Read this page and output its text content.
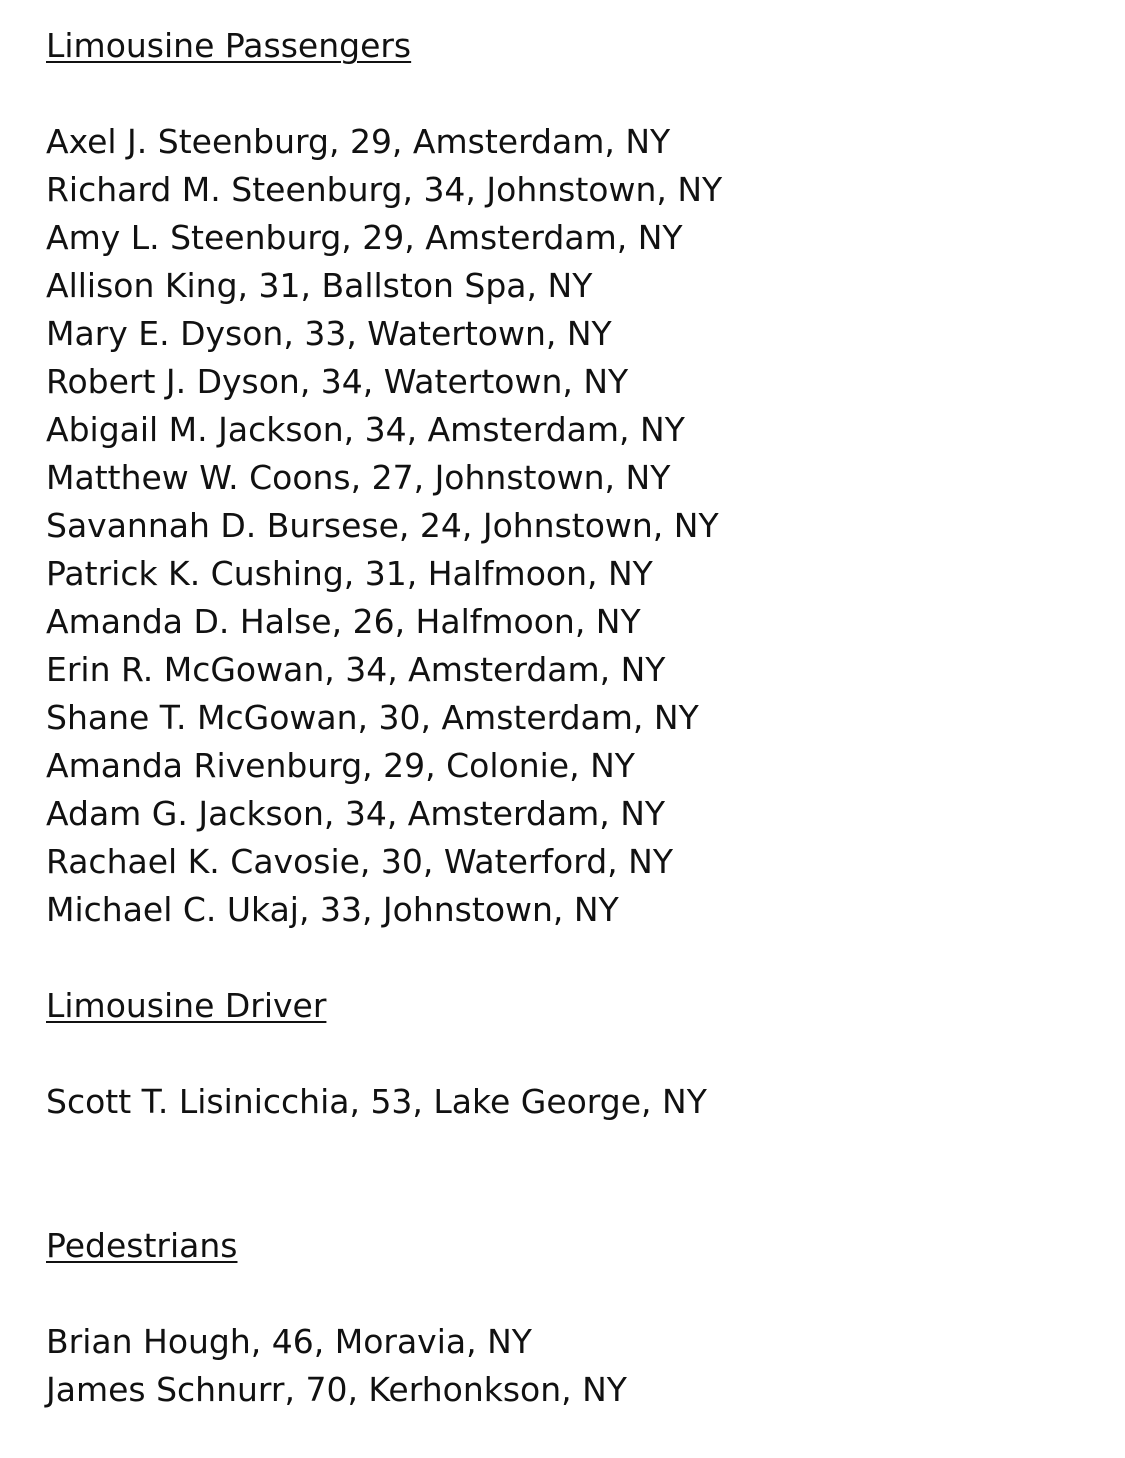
Limousine Passengers
Axel J. Steenburg, 29, Amsterdam, NY
Richard M. Steenburg, 34, Johnstown, NY
Amy L. Steenburg, 29, Amsterdam, NY
Allison King, 31, Ballston Spa, NY
Mary E. Dyson, 33, Watertown, NY
Robert J. Dyson, 34, Watertown, NY
Abigail M. Jackson, 34, Amsterdam, NY
Matthew W. Coons, 27, Johnstown, NY
Savannah D. Bursese, 24, Johnstown, NY
Patrick K. Cushing, 31, Halfmoon, NY
Amanda D. Halse, 26, Halfmoon, NY
Erin R. McGowan, 34, Amsterdam, NY
Shane T. McGowan, 30, Amsterdam, NY
Amanda Rivenburg, 29, Colonie, NY
Adam G. Jackson, 34, Amsterdam, NY
Rachael K. Cavosie, 30, Waterford, NY
Michael C. Ukaj, 33, Johnstown, NY
Limousine Driver
Scott T. Lisinicchia, 53, Lake George, NY
Pedestrians
Brian Hough, 46, Moravia, NY
James Schnurr, 70, Kerhonkson, NY
